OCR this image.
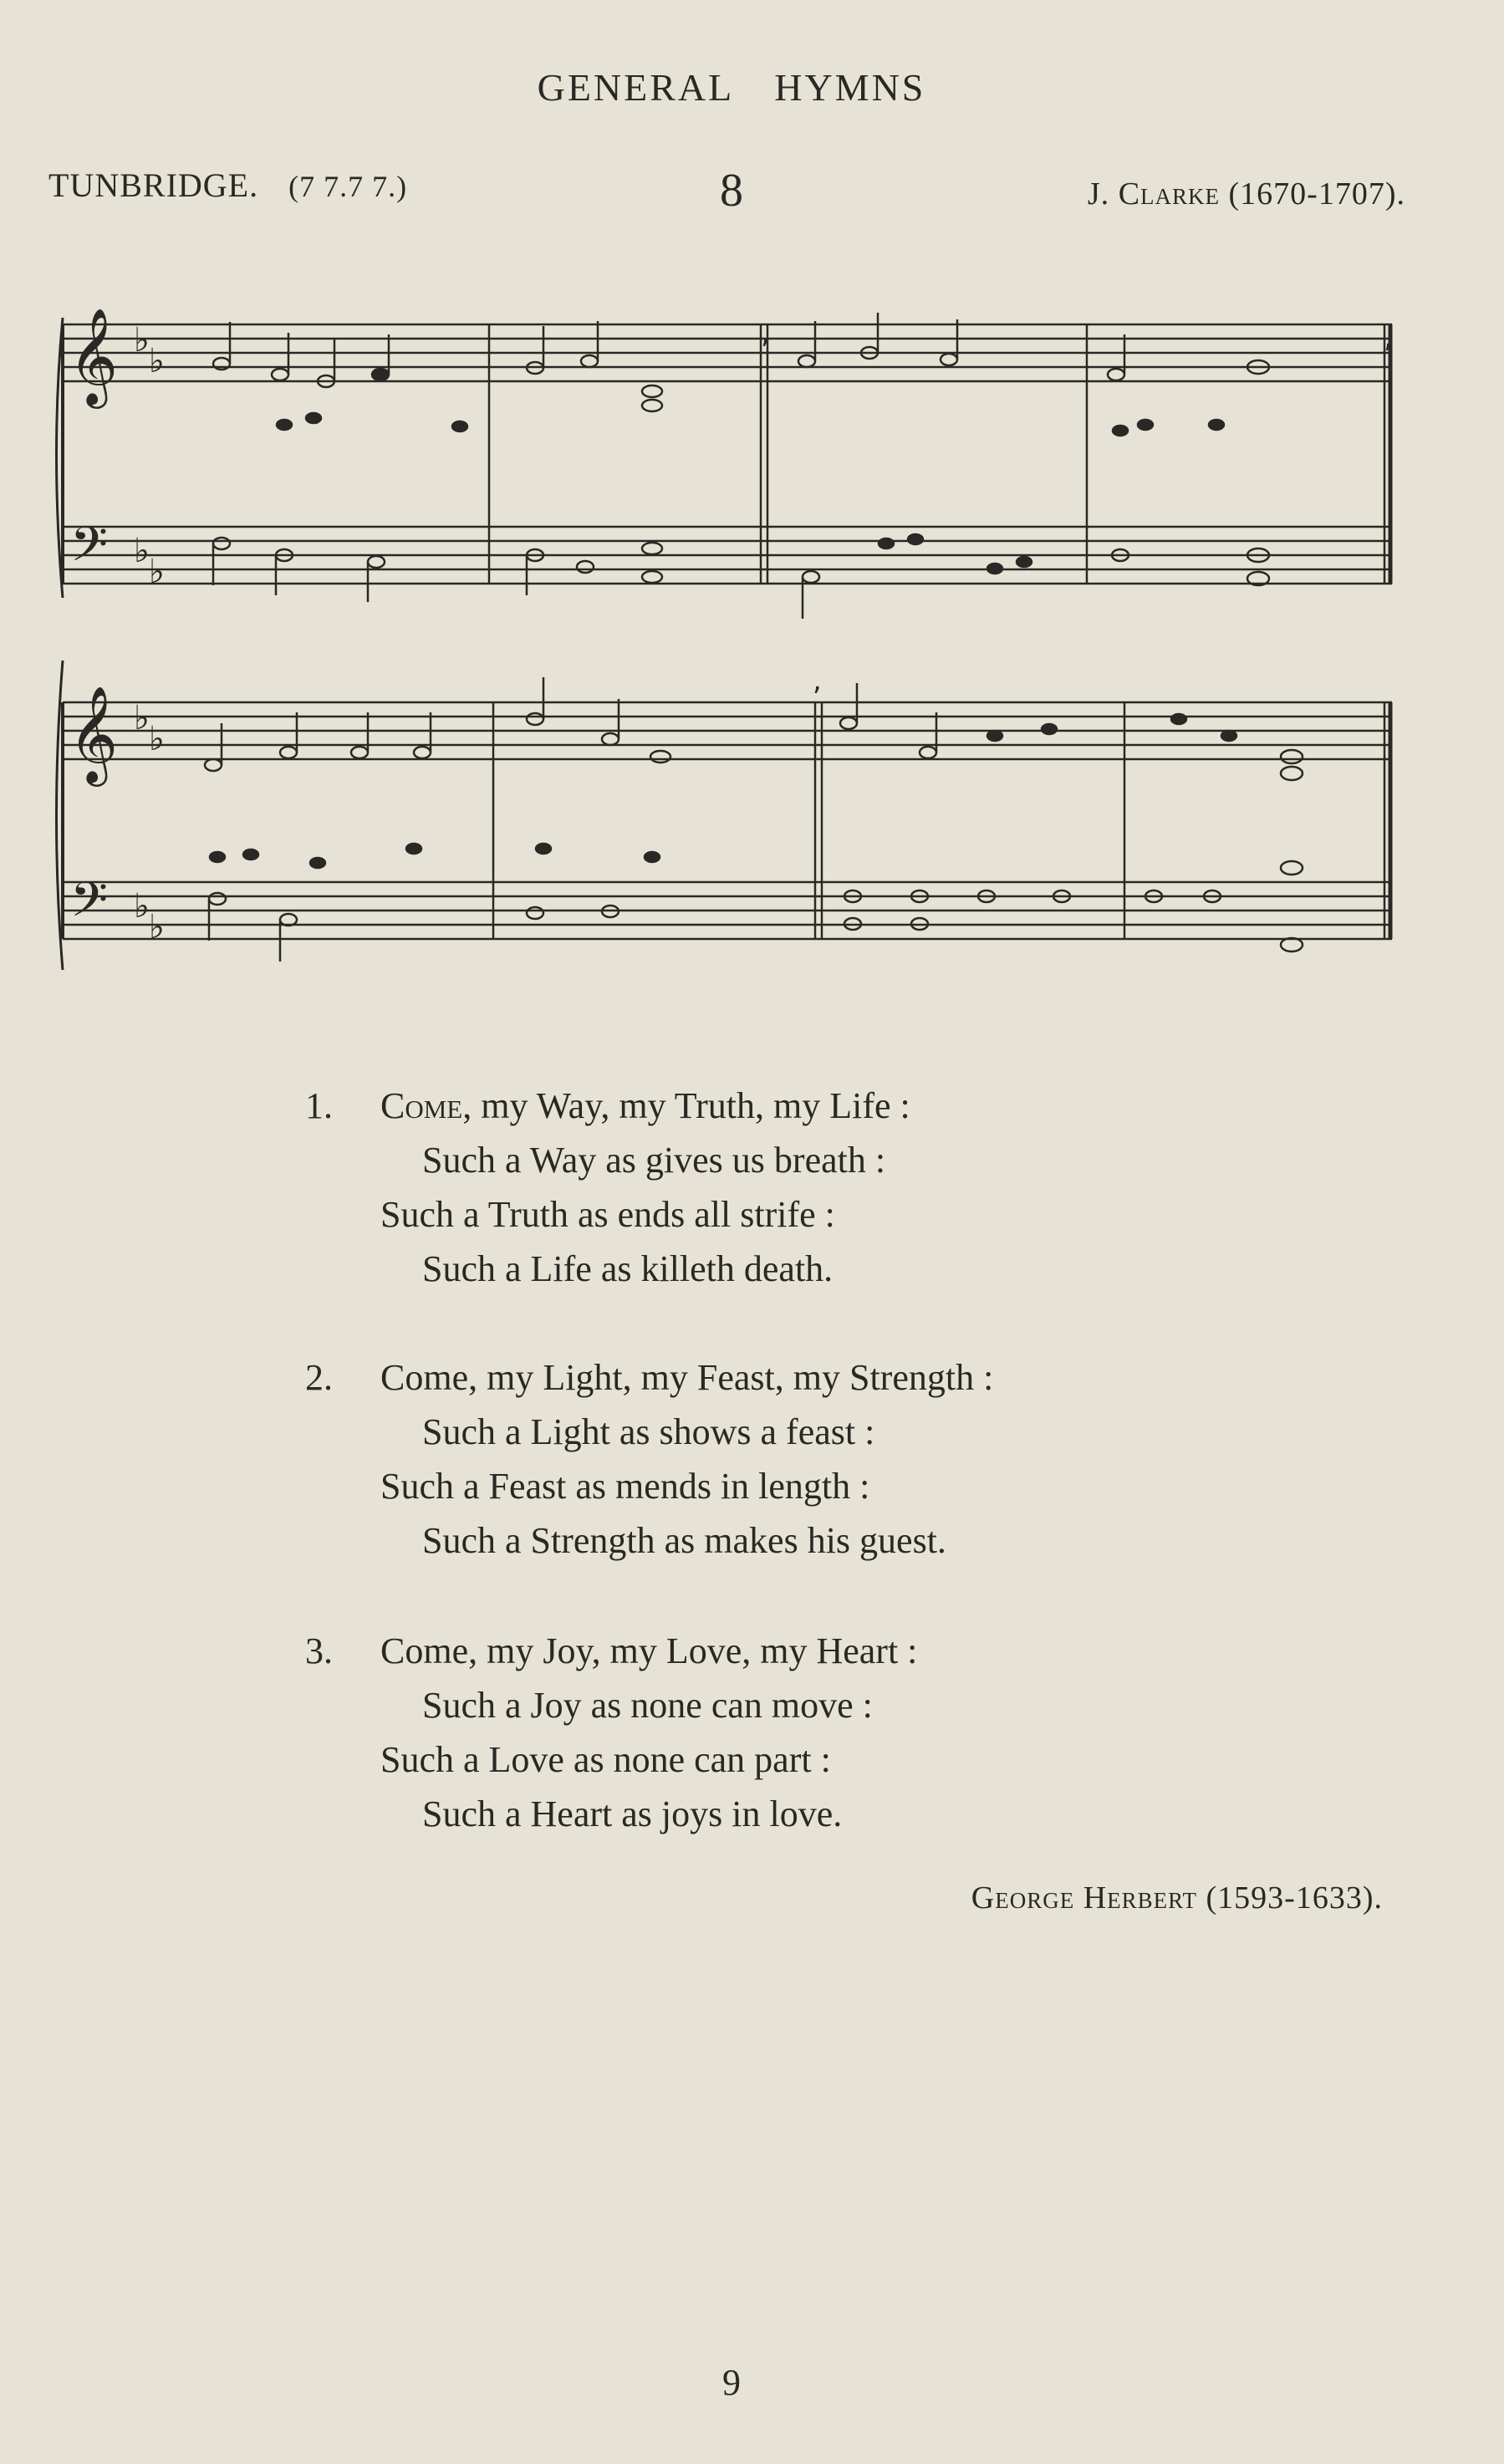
GENERAL HYMNS
TUNBRIDGE. (7 7.7 7.)	8	J. Clarke (1670-1707).
𝄞
𝄢
𝄞
𝄢
♭
♭
♭
♭
♭
♭
♭
♭
,	,
,
1.	Come, my Way, my Truth, my Life :
Such a Way as gives us breath :
Such a Truth as ends all strife :
Such a Life as killeth death.
2.	Come, my Light, my Feast, my Strength :
Such a Light as shows a feast :
Such a Feast as mends in length :
Such a Strength as makes his guest.
3.	Come, my Joy, my Love, my Heart :
Such a Joy as none can move :
Such a Love as none can part :
Such a Heart as joys in love.
George Herbert (1593-1633).
9
